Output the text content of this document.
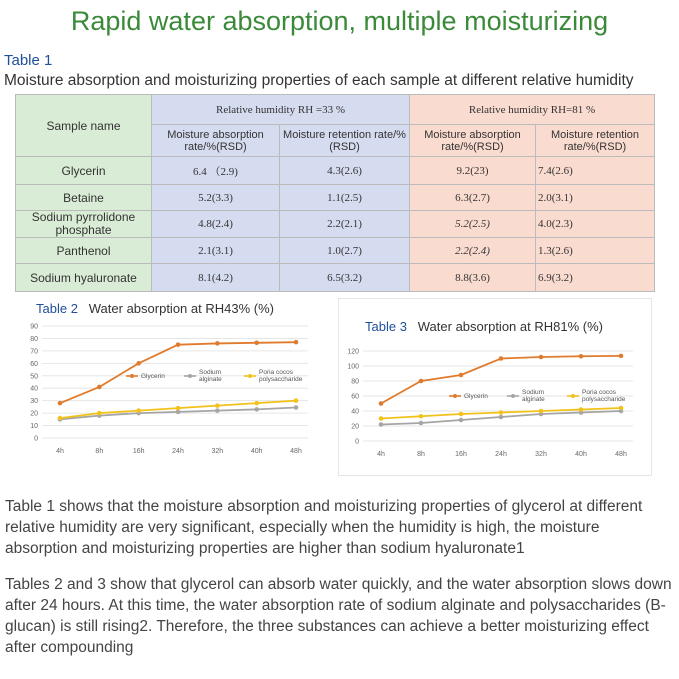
Rapid water absorption, multiple moisturizing
Table 1
Moisture absorption and moisturizing properties of each sample at different relative humidity
Sample name	Relative humidity RH =33 %		Relative humidity RH=81 %	
	Moisture absorption rate/%(RSD)	Moisture retention rate/%(RSD)	Moisture absorption rate/%(RSD)	Moisture retention rate/%(RSD)
Glycerin	6.4 （2.9)	4.3(2.6)	9.2(23)	7.4(2.6)
Betaine	5.2(3.3)	1.1(2.5)	6.3(2.7)	2.0(3.1)
Sodium pyrrolidone phosphate	4.8(2.4)	2.2(2.1)	5.2(2.5)	4.0(2.3)
Panthenol	2.1(3.1)	1.0(2.7)	2.2(2.4)	1.3(2.6)
Sodium hyaluronate	8.1(4.2)	6.5(3.2)	8.8(3.6)	6.9(3.2)
Table 2 Water absorption at RH43% (%)
0
10
20
30
40
50
60
70
80
90
4h	8h	16h	24h	32h	40h	48h
Glycerin
Sodium alginate
Poria cocos polysaccharide
Table 3 Water absorption at RH81% (%)
0
20
40
60
80
100
120
4h	8h	16h	24h	32h	40h	48h
Glycerin
Sodium alginate
Poria cocos polysaccharide
Table 1 shows that the moisture absorption and moisturizing properties of glycerol at different relative humidity are very significant, especially when the humidity is high, the moisture absorption and moisturizing properties are higher than sodium hyaluronate1
Tables 2 and 3 show that glycerol can absorb water quickly, and the water absorption slows down after 24 hours. At this time, the water absorption rate of sodium alginate and polysaccharides (B-glucan) is still rising2. Therefore, the three substances can achieve a better moisturizing effect after compounding
